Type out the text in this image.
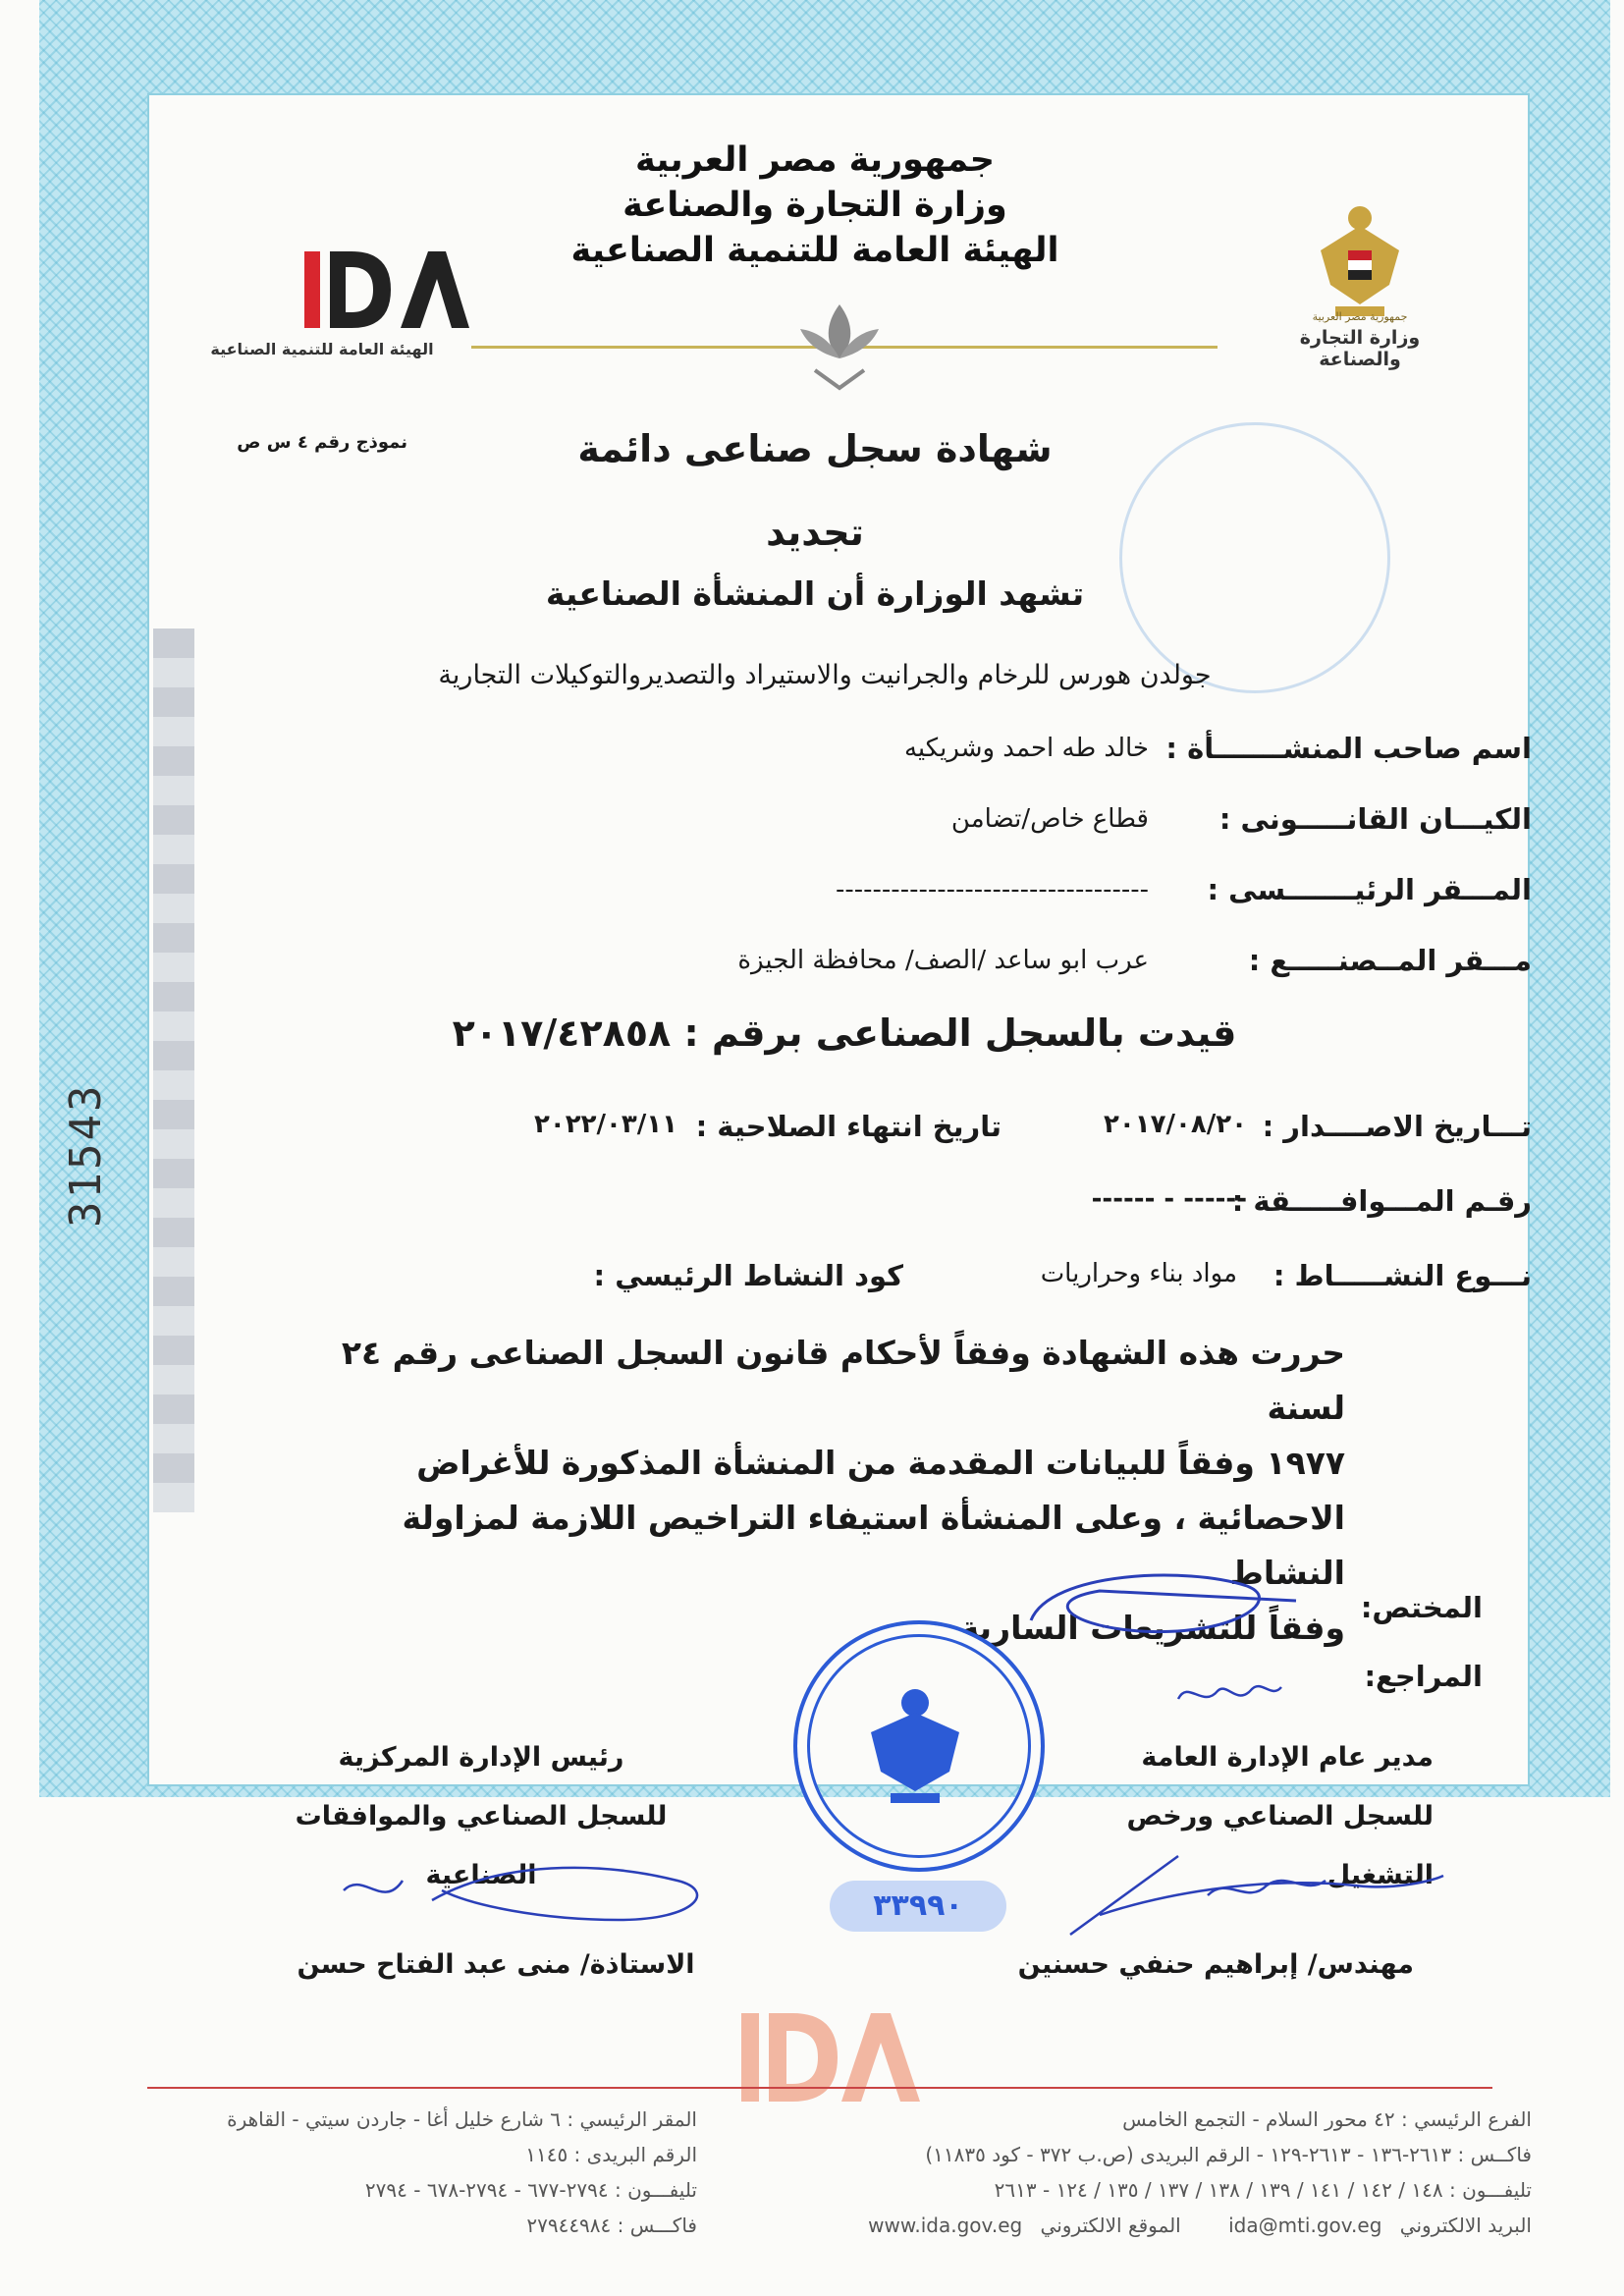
31543
جمهورية مصر العربية
وزارة التجارة والصناعة
الهيئة العامة للتنمية الصناعية
جمهورية مصر العربية
وزارة التجارة والصناعة
الهيئة العامة للتنمية الصناعية
نموذج رقم ٤ س ص	شهادة سجل صناعى دائمة
تجديد
تشهد الوزارة أن المنشأة الصناعية
جولدن هورس للرخام والجرانيت والاستيراد والتصديروالتوكيلات التجارية
اسم صاحب المنشـــــــأة :
خالد طه احمد وشريكيه
الكيـــان القانـــــونى :
قطاع خاص/تضامن
المـــقر الرئيـــــــسى :
----------------------------------
مـــقر المــصنـــــع :
عرب ابو ساعد /الصف/ محافظة الجيزة
قيدت بالسجل الصناعى برقم : ٢٠١٧/٤٢٨٥٨
تـــاريخ الاصــــدار :
٢٠١٧/٠٨/٢٠
تاريخ انتهاء الصلاحية :
٢٠٢٢/٠٣/١١
رقـم المـــوافـــــقة :
------ - ------
نـــوع النشـــــاط :
مواد بناء وحراريات
كود النشاط الرئيسي :
حررت هذه الشهادة وفقاً لأحكام قانون السجل الصناعى رقم ٢٤ لسنة
١٩٧٧ وفقاً للبيانات المقدمة من المنشأة المذكورة للأغراض
الاحصائية ، وعلى المنشأة استيفاء التراخيص اللازمة لمزاولة النشاط
وفقاً للتشريعات السارية.
المختص:
المراجع:
مدير عام الإدارة العامة
للسجل الصناعي ورخص التشغيل
مهندس/ إبراهيم حنفي حسنين
رئيس الإدارة المركزية
للسجل الصناعي والموافقات الصناعية
الاستاذة/ منى عبد الفتاح حسن
٣٣٩٩٠
الفرع الرئيسي : ٤٢ محور السلام - التجمع الخامس
فاكــس : ٢٦١٣-١٣٦ - ٢٦١٣-١٢٩ - الرقم البريدى (ص.ب ٣٧٢ - كود ١١٨٣٥)
تليفـــون : ١٤٨ / ١٤٢ / ١٤١ / ١٣٩ / ١٣٨ / ١٣٧ / ١٣٥ / ١٢٤ - ٢٦١٣
البريد الالكتروني ida@mti.gov.eg الموقع الالكتروني www.ida.gov.eg
المقر الرئيسي : ٦ شارع خليل أغا - جاردن سيتي - القاهرة
الرقم البريدى : ١١٤٥
تليفـــون : ٢٧٩٤-٦٧٧ - ٢٧٩٤-٦٧٨ - ٢٧٩٤
فاكـــس : ٢٧٩٤٤٩٨٤
